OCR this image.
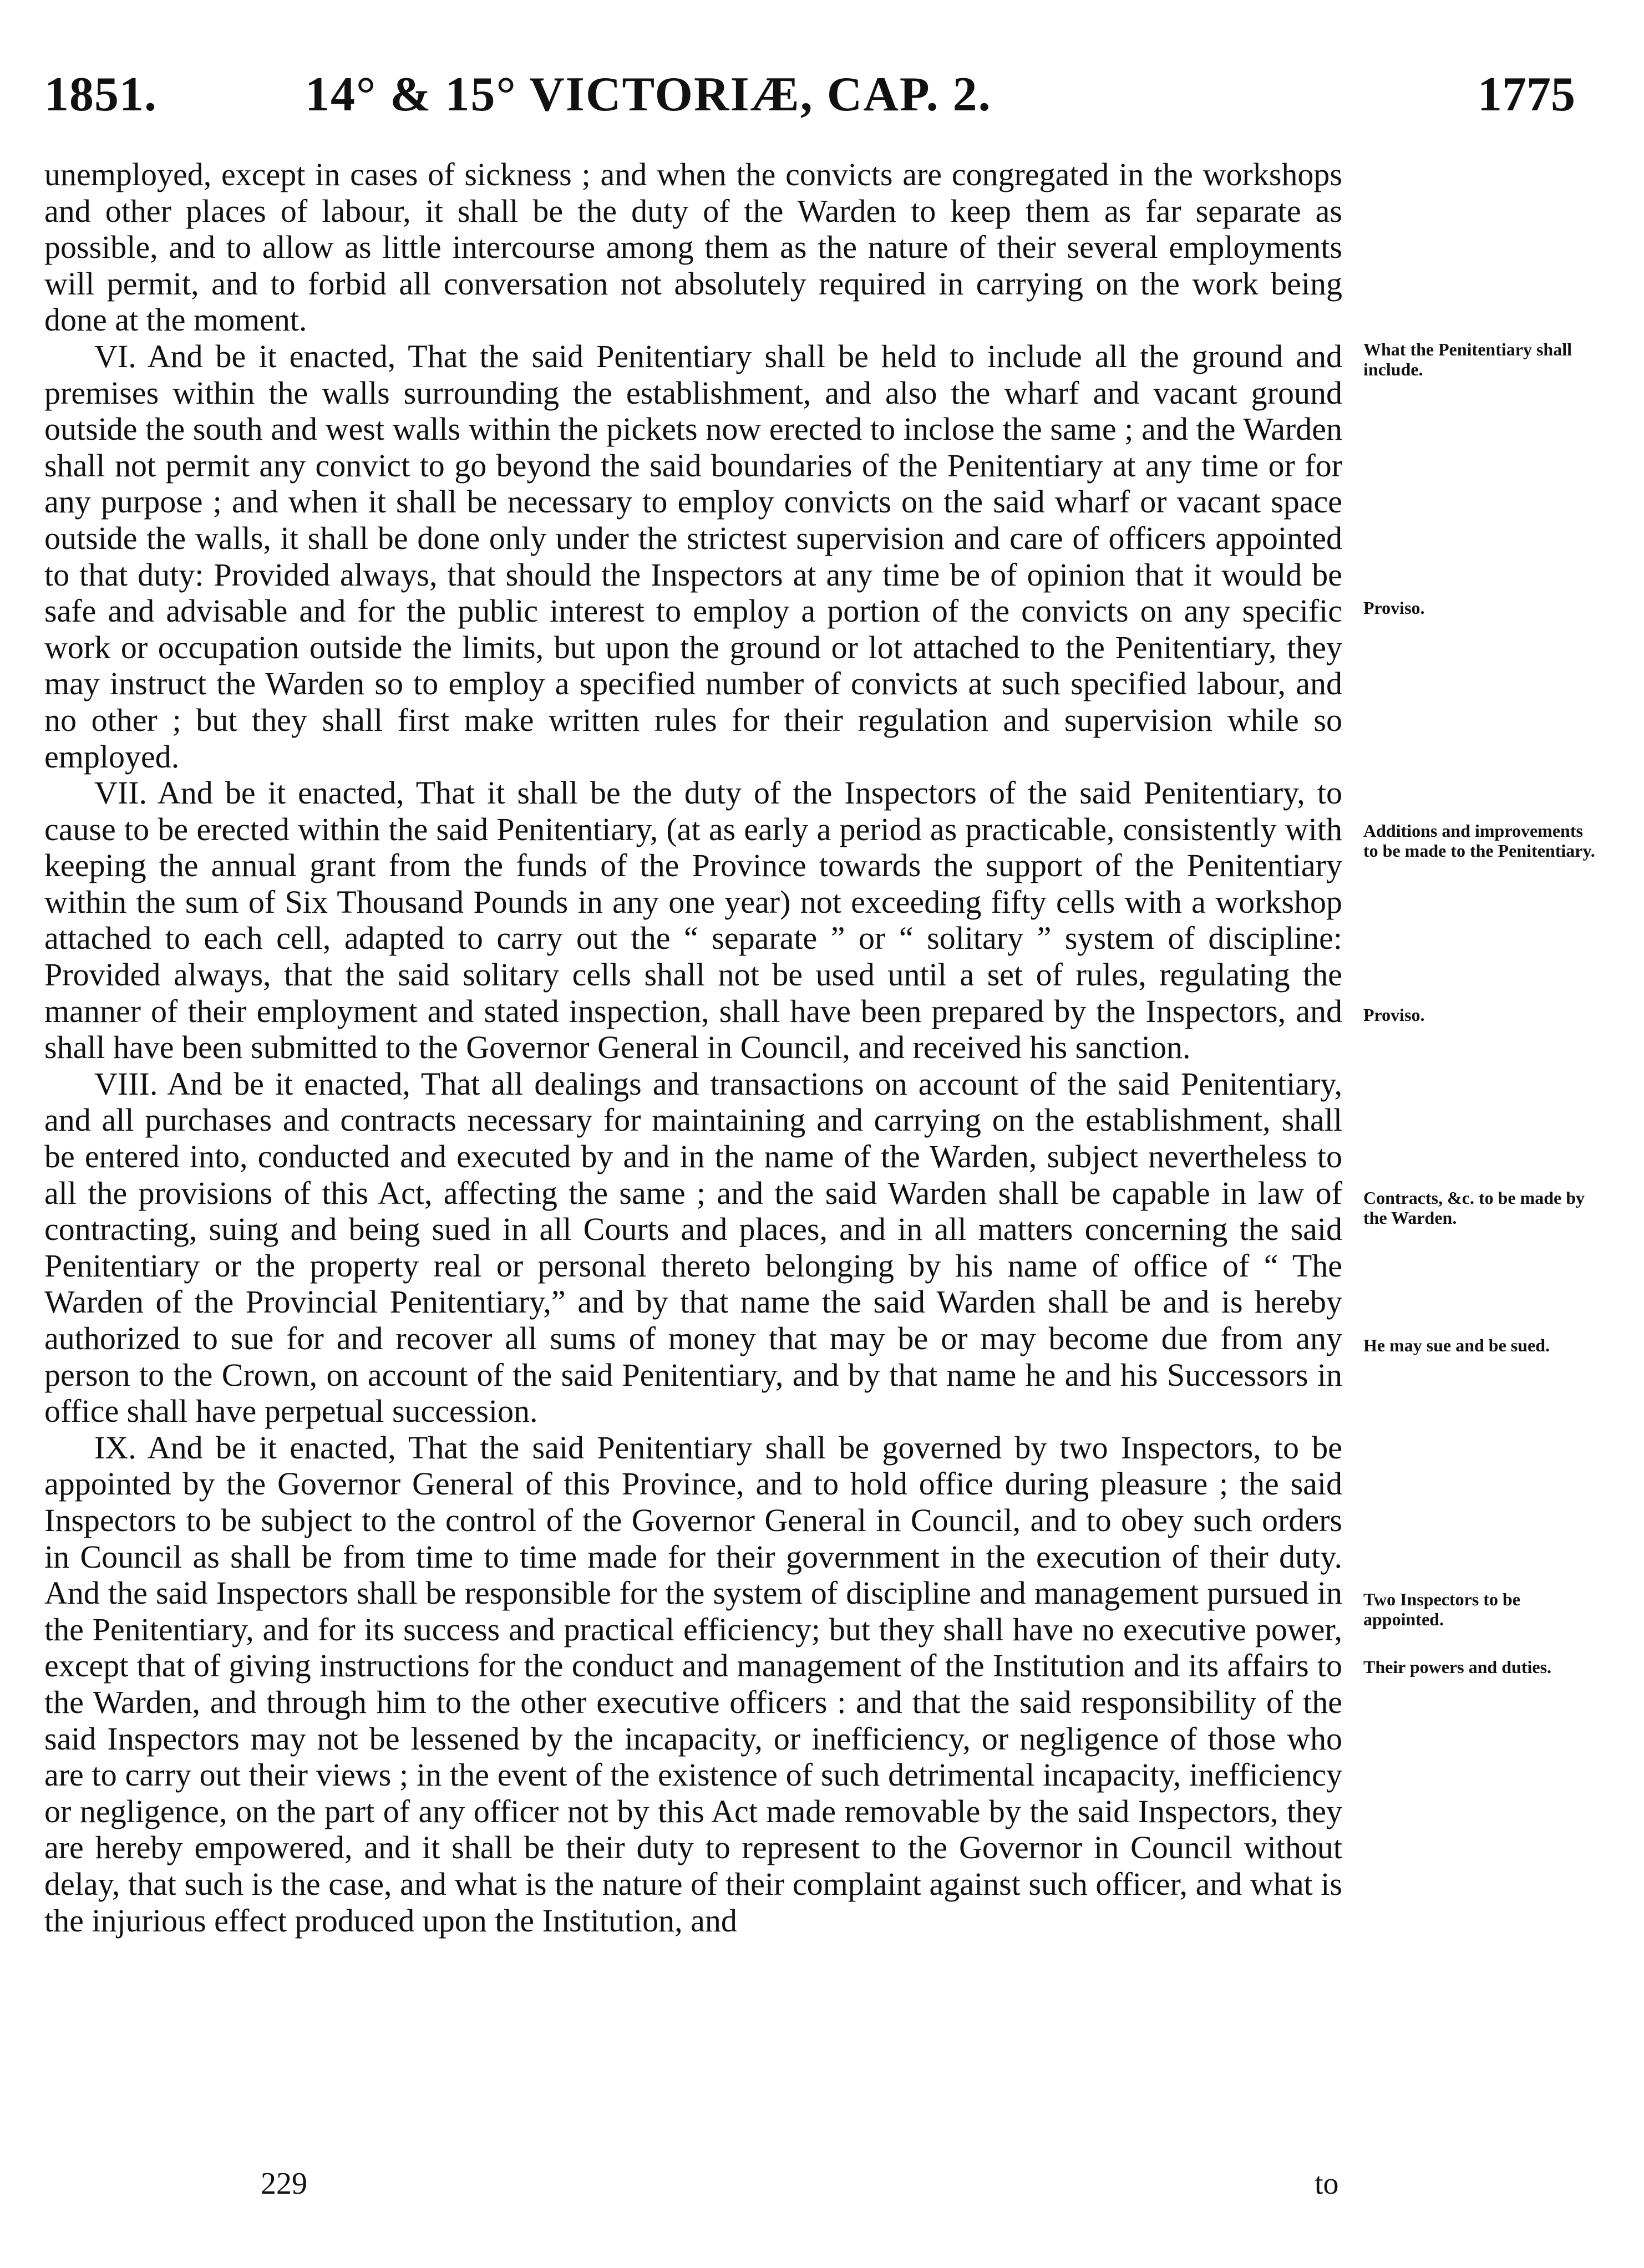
1851.	14° & 15° VICTORIÆ, CAP. 2.	1775

unemployed, except in cases of sickness ; and when the convicts are congregated in the workshops and other places of labour, it shall be the duty of the Warden to keep them as far separate as possible, and to allow as little intercourse among them as the nature of their several employments will permit, and to forbid all conversation not absolutely required in carrying on the work being done at the moment.

VI. And be it enacted, That the said Penitentiary shall be held to include all the ground and premises within the walls surrounding the establishment, and also the wharf and vacant ground outside the south and west walls within the pickets now erected to inclose the same ; and the Warden shall not permit any convict to go beyond the said boundaries of the Penitentiary at any time or for any purpose ; and when it shall be necessary to employ convicts on the said wharf or vacant space outside the walls, it shall be done only under the strictest supervision and care of officers appointed to that duty: Provided always, that should the Inspectors at any time be of opinion that it would be safe and advisable and for the public interest to employ a portion of the convicts on any specific work or occupation outside the limits, but upon the ground or lot attached to the Penitentiary, they may instruct the Warden so to employ a specified number of convicts at such specified labour, and no other ; but they shall first make written rules for their regulation and supervision while so employed.

VII. And be it enacted, That it shall be the duty of the Inspectors of the said Penitentiary, to cause to be erected within the said Penitentiary, (at as early a period as practicable, consistently with keeping the annual grant from the funds of the Province towards the support of the Penitentiary within the sum of Six Thousand Pounds in any one year) not exceeding fifty cells with a workshop attached to each cell, adapted to carry out the “ separate ” or “ solitary ” system of discipline: Provided always, that the said solitary cells shall not be used until a set of rules, regulating the manner of their employment and stated inspection, shall have been prepared by the Inspectors, and shall have been submitted to the Governor General in Council, and received his sanction.

VIII. And be it enacted, That all dealings and transactions on account of the said Penitentiary, and all purchases and contracts necessary for maintaining and carrying on the establishment, shall be entered into, conducted and executed by and in the name of the Warden, subject nevertheless to all the provisions of this Act, affecting the same ; and the said Warden shall be capable in law of contracting, suing and being sued in all Courts and places, and in all matters concerning the said Penitentiary or the property real or personal thereto belonging by his name of office of “ The Warden of the Provincial Penitentiary,” and by that name the said Warden shall be and is hereby authorized to sue for and recover all sums of money that may be or may become due from any person to the Crown, on account of the said Penitentiary, and by that name he and his Successors in office shall have perpetual succession.

IX. And be it enacted, That the said Penitentiary shall be governed by two Inspectors, to be appointed by the Governor General of this Province, and to hold office during pleasure ; the said Inspectors to be subject to the control of the Governor General in Council, and to obey such orders in Council as shall be from time to time made for their government in the execution of their duty. And the said Inspectors shall be responsible for the system of discipline and management pursued in the Penitentiary, and for its success and practical efficiency; but they shall have no executive power, except that of giving instructions for the conduct and management of the Institution and its affairs to the Warden, and through him to the other executive officers : and that the said responsibility of the said Inspectors may not be lessened by the incapacity, or inefficiency, or negligence of those who are to carry out their views ; in the event of the existence of such detrimental incapacity, inefficiency or negligence, on the part of any officer not by this Act made removable by the said Inspectors, they are hereby empowered, and it shall be their duty to represent to the Governor in Council without delay, that such is the case, and what is the nature of their complaint against such officer, and what is the injurious effect produced upon the Institution, and

What the Penitentiary shall include.
Proviso.
Additions and improvements to be made to the Penitentiary.
Proviso.
Contracts, &c. to be made by the Warden.
He may sue and be sued.
Two Inspectors to be appointed.
Their powers and duties.
229	to
